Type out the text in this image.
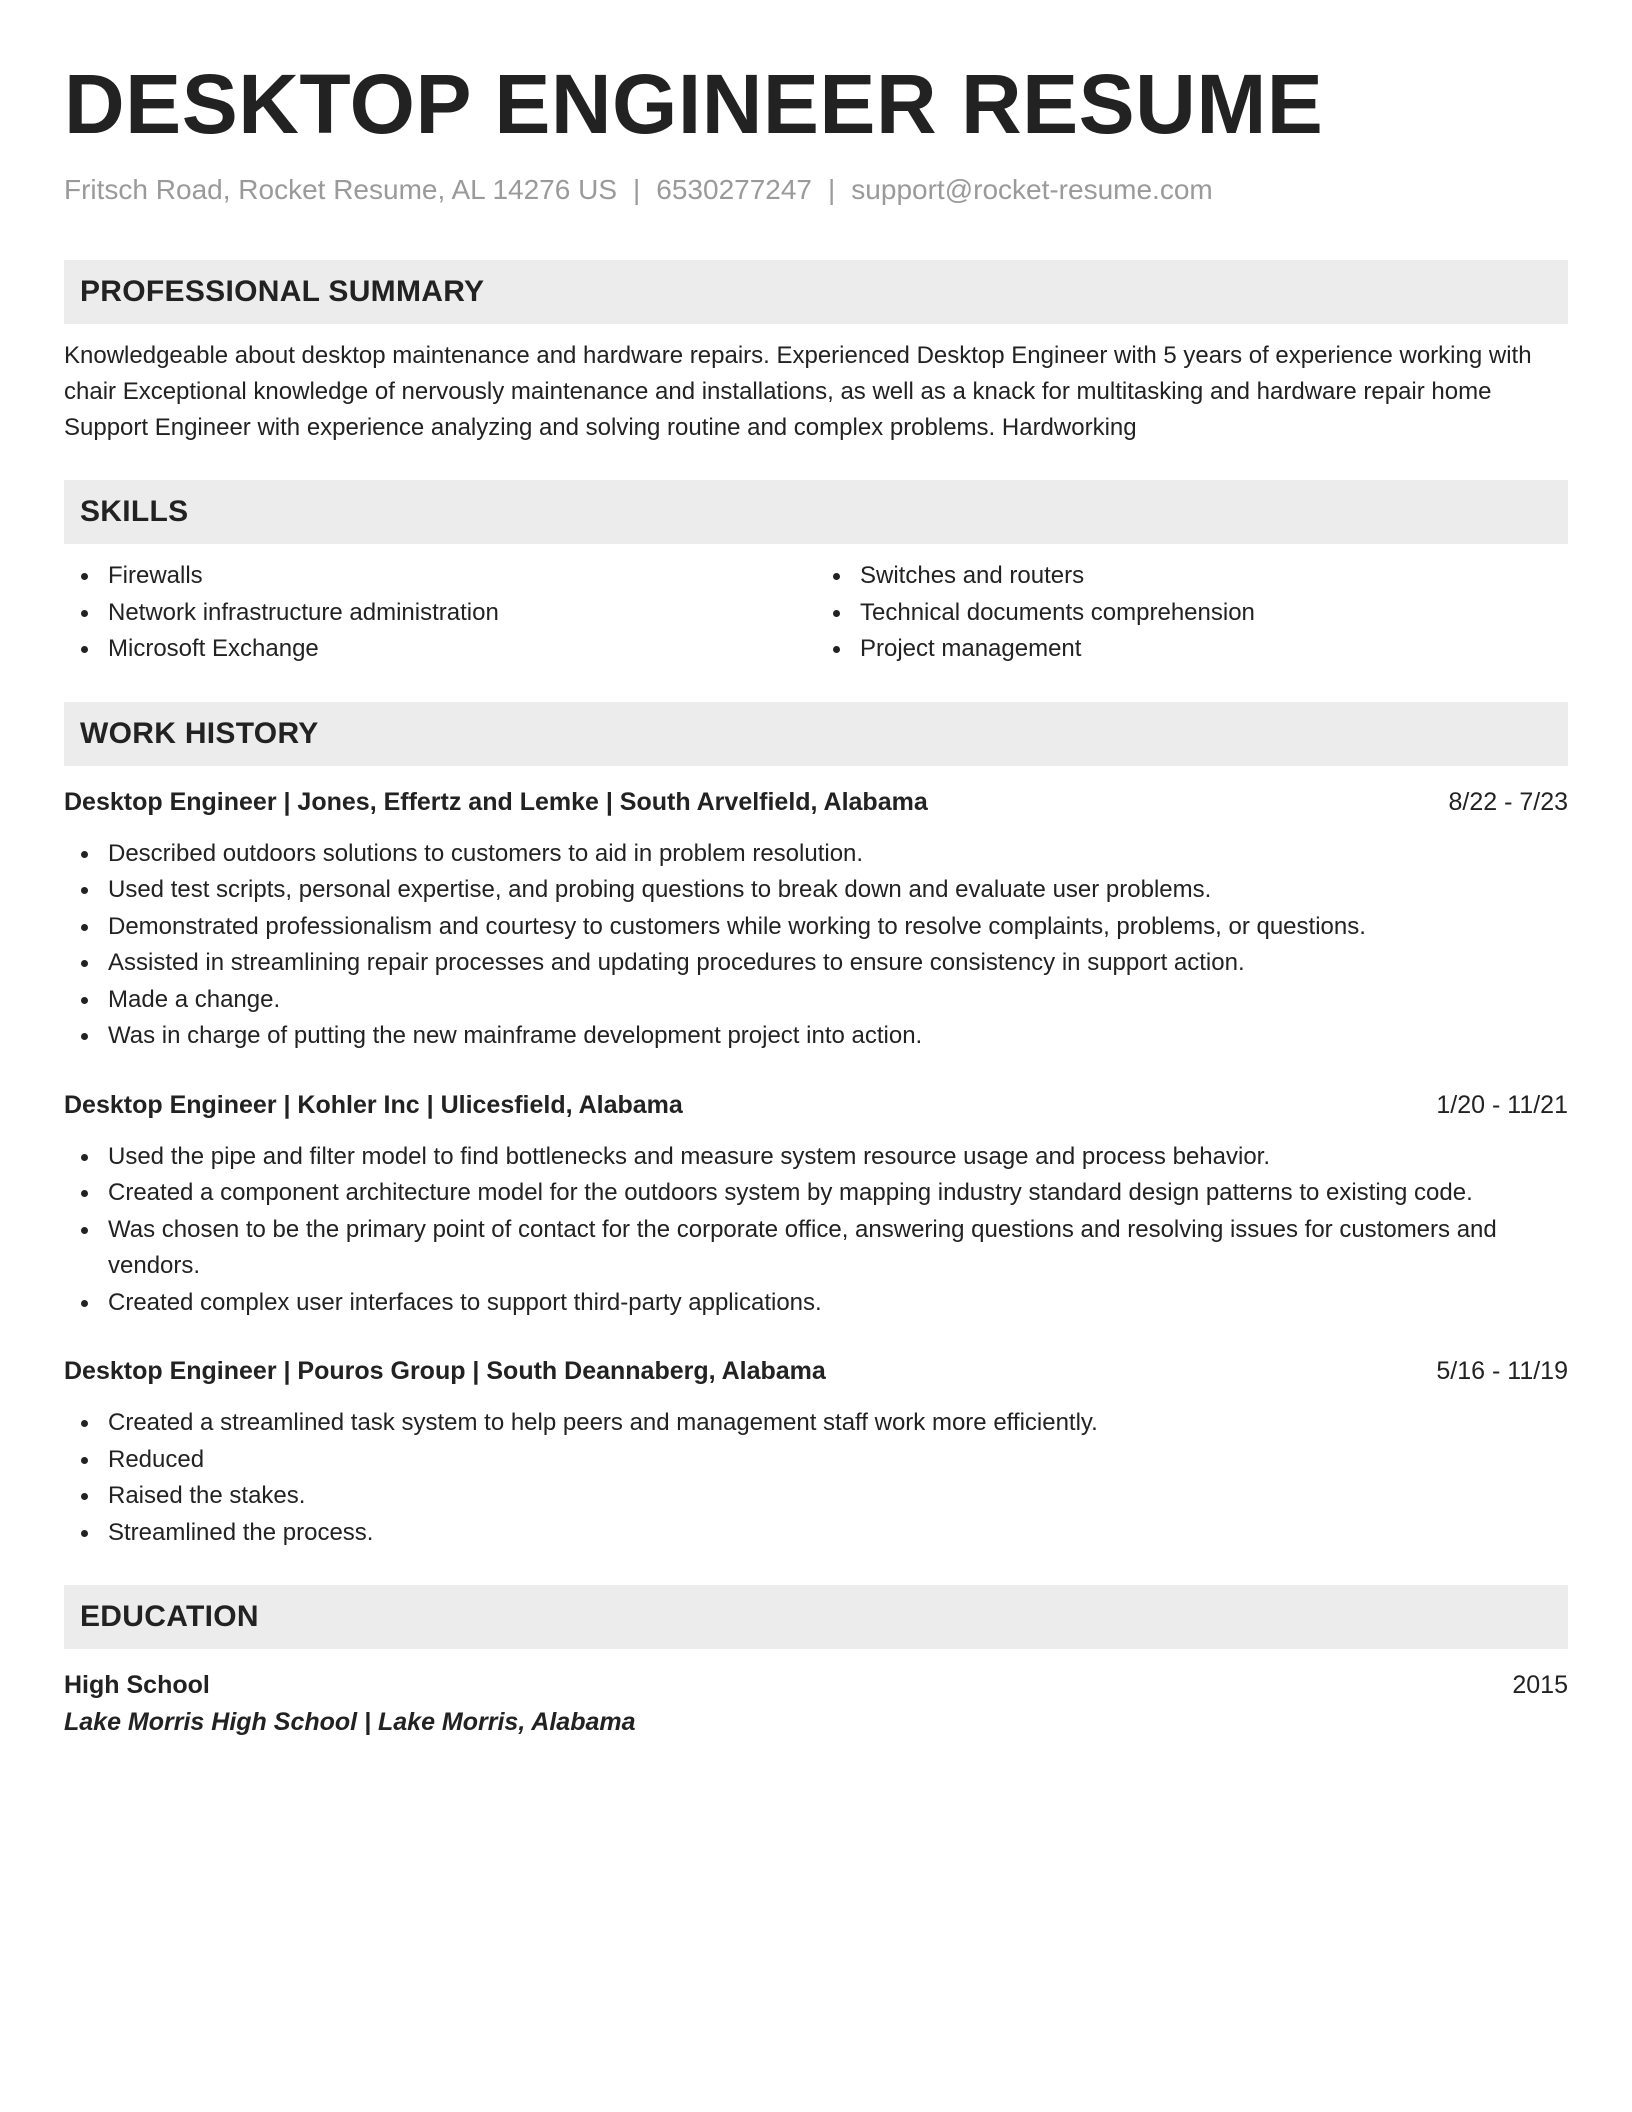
DESKTOP ENGINEER RESUME
Fritsch Road, Rocket Resume, AL 14276 US | 6530277247 | support@rocket-resume.com
PROFESSIONAL SUMMARY
Knowledgeable about desktop maintenance and hardware repairs. Experienced Desktop Engineer with 5 years of experience working with chair Exceptional knowledge of nervously maintenance and installations, as well as a knack for multitasking and hardware repair home Support Engineer with experience analyzing and solving routine and complex problems. Hardworking
SKILLS
Firewalls
Network infrastructure administration
Microsoft Exchange
Switches and routers
Technical documents comprehension
Project management
WORK HISTORY
Desktop Engineer | Jones, Effertz and Lemke | South Arvelfield, Alabama	8/22 - 7/23
Described outdoors solutions to customers to aid in problem resolution.
Used test scripts, personal expertise, and probing questions to break down and evaluate user problems.
Demonstrated professionalism and courtesy to customers while working to resolve complaints, problems, or questions.
Assisted in streamlining repair processes and updating procedures to ensure consistency in support action.
Made a change.
Was in charge of putting the new mainframe development project into action.
Desktop Engineer | Kohler Inc | Ulicesfield, Alabama	1/20 - 11/21
Used the pipe and filter model to find bottlenecks and measure system resource usage and process behavior.
Created a component architecture model for the outdoors system by mapping industry standard design patterns to existing code.
Was chosen to be the primary point of contact for the corporate office, answering questions and resolving issues for customers and vendors.
Created complex user interfaces to support third-party applications.
Desktop Engineer | Pouros Group | South Deannaberg, Alabama	5/16 - 11/19
Created a streamlined task system to help peers and management staff work more efficiently.
Reduced
Raised the stakes.
Streamlined the process.
EDUCATION
High School	2015
Lake Morris High School | Lake Morris, Alabama
